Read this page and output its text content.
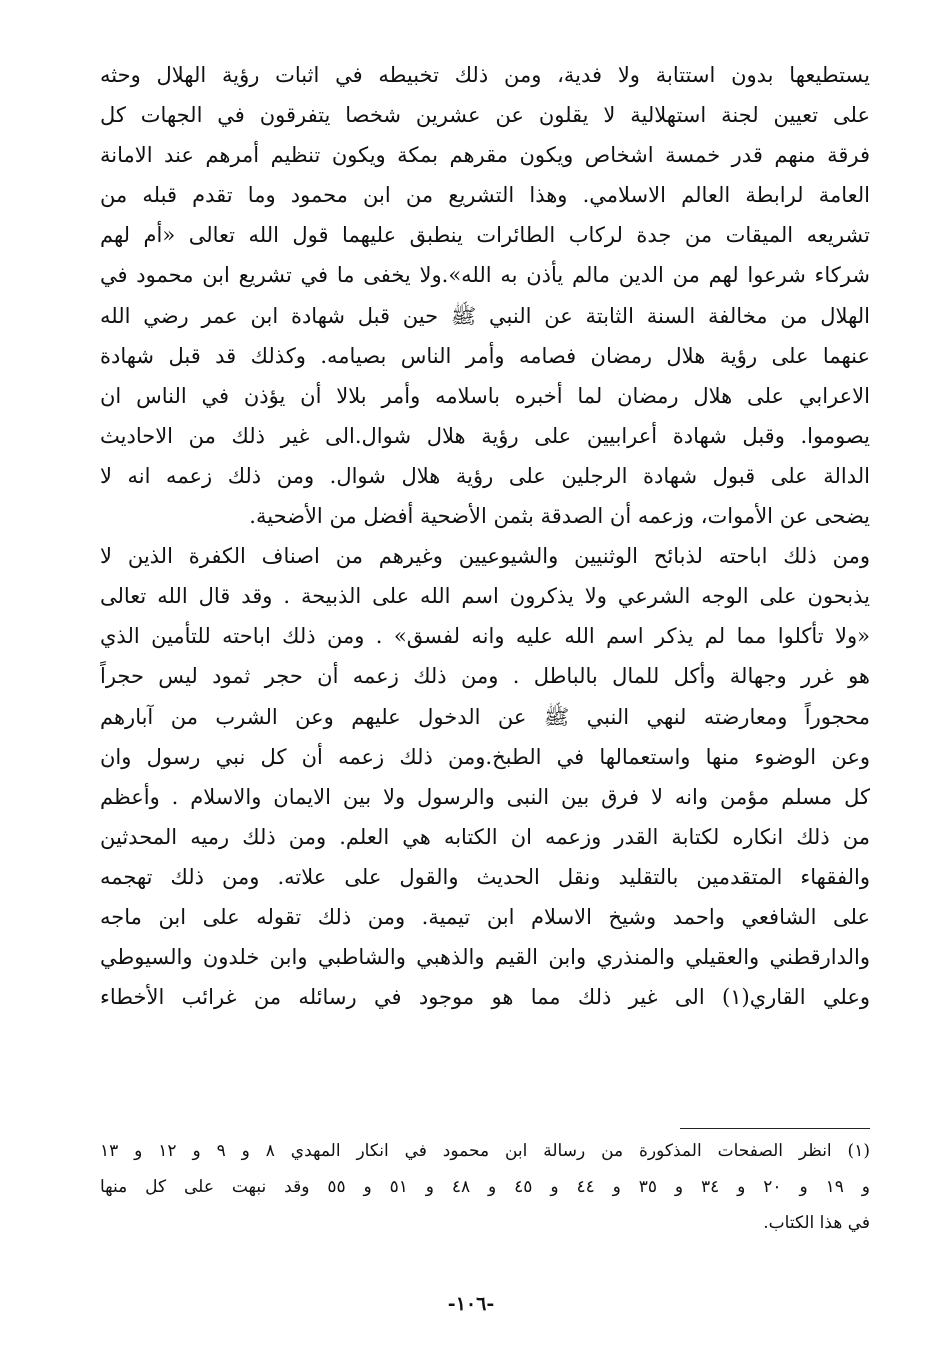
يستطيعها بدون استتابة ولا فدية، ومن ذلك تخبيطه في اثبات رؤية الهلال وحثه
على تعيين لجنة استهلالية لا يقلون عن عشرين شخصا يتفرقون في الجهات كل
فرقة منهم قدر خمسة اشخاص ويكون مقرهم بمكة ويكون تنظيم أمرهم عند الامانة
العامة لرابطة العالم الاسلامي. وهذا التشريع من ابن محمود وما تقدم قبله من
تشريعه الميقات من جدة لركاب الطائرات ينطبق عليهما قول الله تعالى «أم لهم
شركاء شرعوا لهم من الدين مالم يأذن به الله».ولا يخفى ما في تشريع ابن محمود في
الهلال من مخالفة السنة الثابتة عن النبي ﷺ حين قبل شهادة ابن عمر رضي الله
عنهما على رؤية هلال رمضان فصامه وأمر الناس بصيامه. وكذلك قد قبل شهادة
الاعرابي على هلال رمضان لما أخبره باسلامه وأمر بلالا أن يؤذن في الناس ان
يصوموا. وقبل شهادة أعرابيين على رؤية هلال شوال.الى غير ذلك من الاحاديث
الدالة على قبول شهادة الرجلين على رؤية هلال شوال. ومن ذلك زعمه انه لا
يضحى عن الأموات، وزعمه أن الصدقة بثمن الأضحية أفضل من الأضحية.
ومن ذلك اباحته لذبائح الوثنيين والشيوعيين وغيرهم من اصناف الكفرة الذين لا
يذبحون على الوجه الشرعي ولا يذكرون اسم الله على الذبيحة . وقد قال الله تعالى
«ولا تأكلوا مما لم يذكر اسم الله عليه وانه لفسق» . ومن ذلك اباحته للتأمين الذي
هو غرر وجهالة وأكل للمال بالباطل . ومن ذلك زعمه أن حجر ثمود ليس حجراً
محجوراً ومعارضته لنهي النبي ﷺ عن الدخول عليهم وعن الشرب من آبارهم
وعن الوضوء منها واستعمالها في الطبخ.ومن ذلك زعمه أن كل نبي رسول وان
كل مسلم مؤمن وانه لا فرق بين النبى والرسول ولا بين الايمان والاسلام . وأعظم
من ذلك انكاره لكتابة القدر وزعمه ان الكتابه هي العلم. ومن ذلك رميه المحدثين
والفقهاء المتقدمين بالتقليد ونقل الحديث والقول على علاته. ومن ذلك تهجمه
على الشافعي واحمد وشيخ الاسلام ابن تيمية. ومن ذلك تقوله على ابن ماجه
والدارقطني والعقيلي والمنذري وابن القيم والذهبي والشاطبي وابن خلدون والسيوطي
وعلي القاري(١) الى غير ذلك مما هو موجود في رسائله من غرائب الأخطاء
(١) انظر الصفحات المذكورة من رسالة ابن محمود في انكار المهدي ٨ و ٩ و ١٢ و ١٣
و ١٩ و ٢٠ و ٣٤ و ٣٥ و ٤٤ و ٤٥ و ٤٨ و ٥١ و ٥٥ وقد نبهت على كل منها
في هذا الكتاب.
-١٠٦-
